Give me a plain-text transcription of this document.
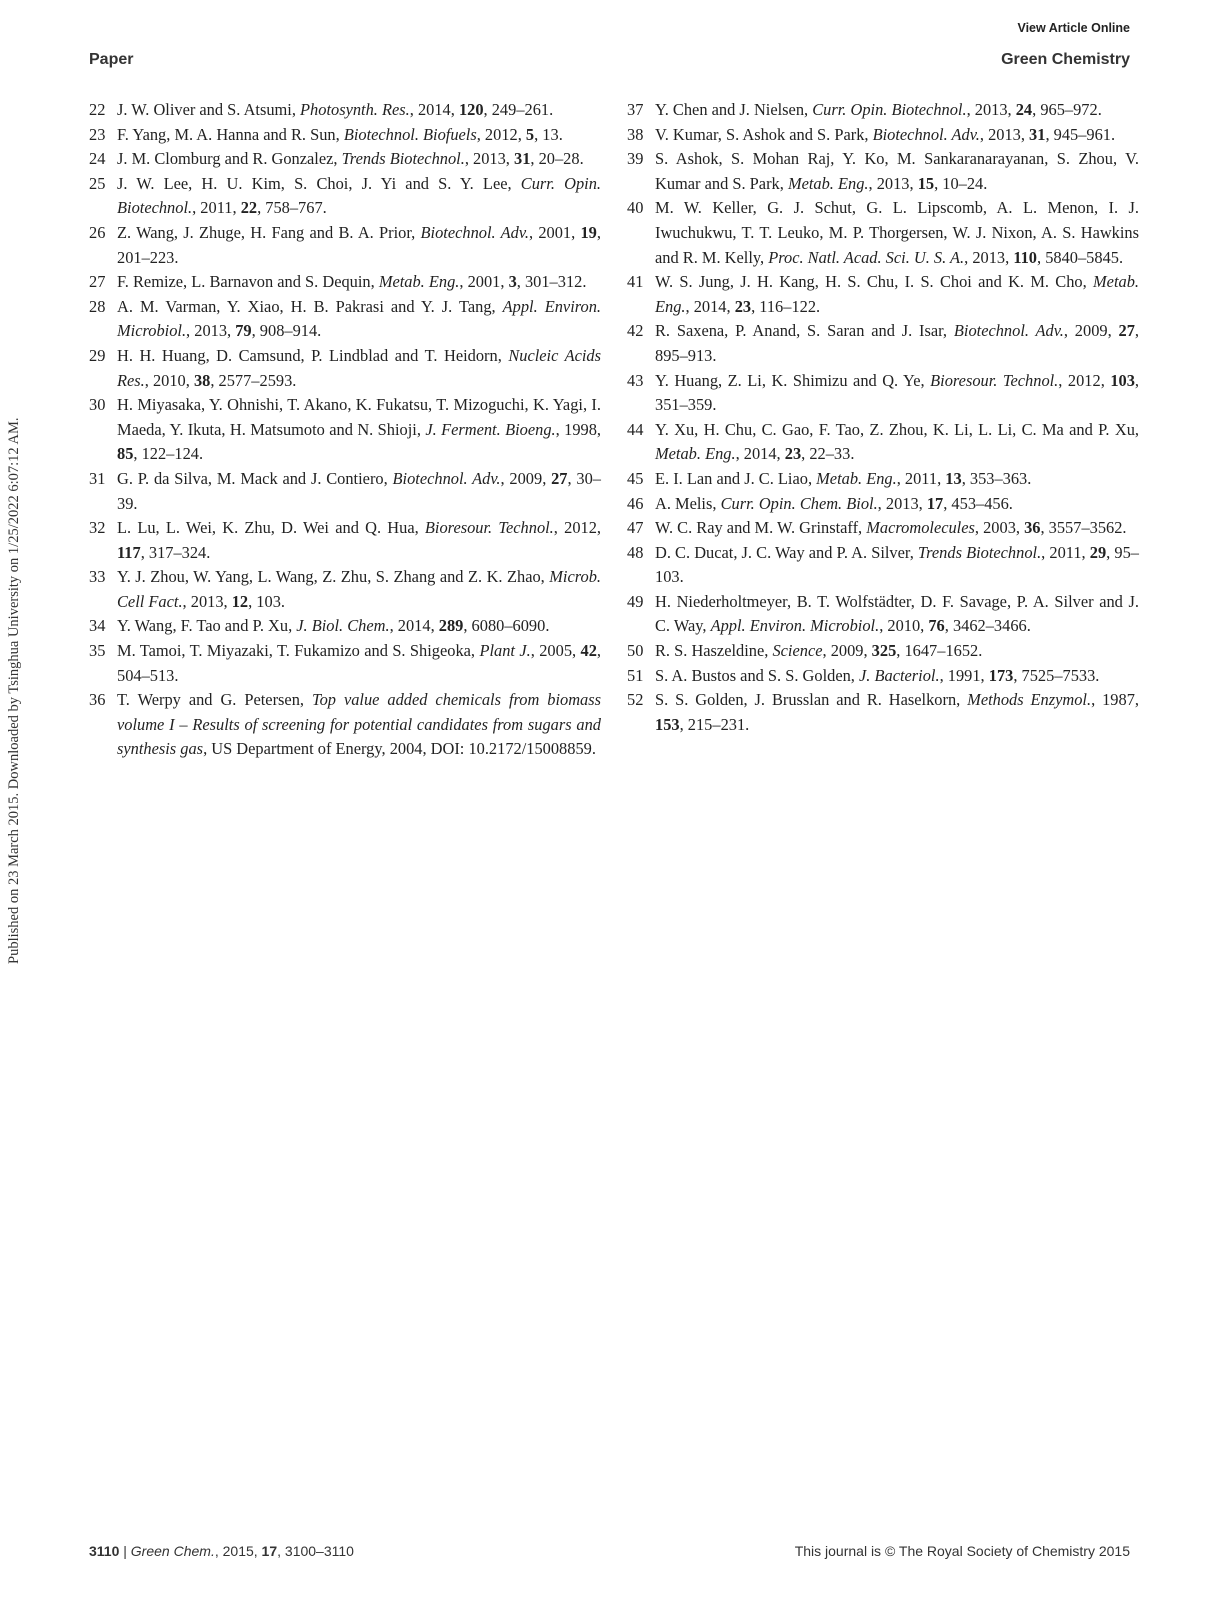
View Article Online
Paper	Green Chemistry
Published on 23 March 2015. Downloaded by Tsinghua University on 1/25/2022 6:07:12 AM.
22 J. W. Oliver and S. Atsumi, Photosynth. Res., 2014, 120, 249–261.
23 F. Yang, M. A. Hanna and R. Sun, Biotechnol. Biofuels, 2012, 5, 13.
24 J. M. Clomburg and R. Gonzalez, Trends Biotechnol., 2013, 31, 20–28.
25 J. W. Lee, H. U. Kim, S. Choi, J. Yi and S. Y. Lee, Curr. Opin. Biotechnol., 2011, 22, 758–767.
26 Z. Wang, J. Zhuge, H. Fang and B. A. Prior, Biotechnol. Adv., 2001, 19, 201–223.
27 F. Remize, L. Barnavon and S. Dequin, Metab. Eng., 2001, 3, 301–312.
28 A. M. Varman, Y. Xiao, H. B. Pakrasi and Y. J. Tang, Appl. Environ. Microbiol., 2013, 79, 908–914.
29 H. H. Huang, D. Camsund, P. Lindblad and T. Heidorn, Nucleic Acids Res., 2010, 38, 2577–2593.
30 H. Miyasaka, Y. Ohnishi, T. Akano, K. Fukatsu, T. Mizoguchi, K. Yagi, I. Maeda, Y. Ikuta, H. Matsumoto and N. Shioji, J. Ferment. Bioeng., 1998, 85, 122–124.
31 G. P. da Silva, M. Mack and J. Contiero, Biotechnol. Adv., 2009, 27, 30–39.
32 L. Lu, L. Wei, K. Zhu, D. Wei and Q. Hua, Bioresour. Technol., 2012, 117, 317–324.
33 Y. J. Zhou, W. Yang, L. Wang, Z. Zhu, S. Zhang and Z. K. Zhao, Microb. Cell Fact., 2013, 12, 103.
34 Y. Wang, F. Tao and P. Xu, J. Biol. Chem., 2014, 289, 6080–6090.
35 M. Tamoi, T. Miyazaki, T. Fukamizo and S. Shigeoka, Plant J., 2005, 42, 504–513.
36 T. Werpy and G. Petersen, Top value added chemicals from biomass volume I – Results of screening for potential candidates from sugars and synthesis gas, US Department of Energy, 2004, DOI: 10.2172/15008859.
37 Y. Chen and J. Nielsen, Curr. Opin. Biotechnol., 2013, 24, 965–972.
38 V. Kumar, S. Ashok and S. Park, Biotechnol. Adv., 2013, 31, 945–961.
39 S. Ashok, S. Mohan Raj, Y. Ko, M. Sankaranarayanan, S. Zhou, V. Kumar and S. Park, Metab. Eng., 2013, 15, 10–24.
40 M. W. Keller, G. J. Schut, G. L. Lipscomb, A. L. Menon, I. J. Iwuchukwu, T. T. Leuko, M. P. Thorgersen, W. J. Nixon, A. S. Hawkins and R. M. Kelly, Proc. Natl. Acad. Sci. U. S. A., 2013, 110, 5840–5845.
41 W. S. Jung, J. H. Kang, H. S. Chu, I. S. Choi and K. M. Cho, Metab. Eng., 2014, 23, 116–122.
42 R. Saxena, P. Anand, S. Saran and J. Isar, Biotechnol. Adv., 2009, 27, 895–913.
43 Y. Huang, Z. Li, K. Shimizu and Q. Ye, Bioresour. Technol., 2012, 103, 351–359.
44 Y. Xu, H. Chu, C. Gao, F. Tao, Z. Zhou, K. Li, L. Li, C. Ma and P. Xu, Metab. Eng., 2014, 23, 22–33.
45 E. I. Lan and J. C. Liao, Metab. Eng., 2011, 13, 353–363.
46 A. Melis, Curr. Opin. Chem. Biol., 2013, 17, 453–456.
47 W. C. Ray and M. W. Grinstaff, Macromolecules, 2003, 36, 3557–3562.
48 D. C. Ducat, J. C. Way and P. A. Silver, Trends Biotechnol., 2011, 29, 95–103.
49 H. Niederholtmeyer, B. T. Wolfstädter, D. F. Savage, P. A. Silver and J. C. Way, Appl. Environ. Microbiol., 2010, 76, 3462–3466.
50 R. S. Haszeldine, Science, 2009, 325, 1647–1652.
51 S. A. Bustos and S. S. Golden, J. Bacteriol., 1991, 173, 7525–7533.
52 S. S. Golden, J. Brusslan and R. Haselkorn, Methods Enzymol., 1987, 153, 215–231.
3110 | Green Chem., 2015, 17, 3100–3110	This journal is © The Royal Society of Chemistry 2015
